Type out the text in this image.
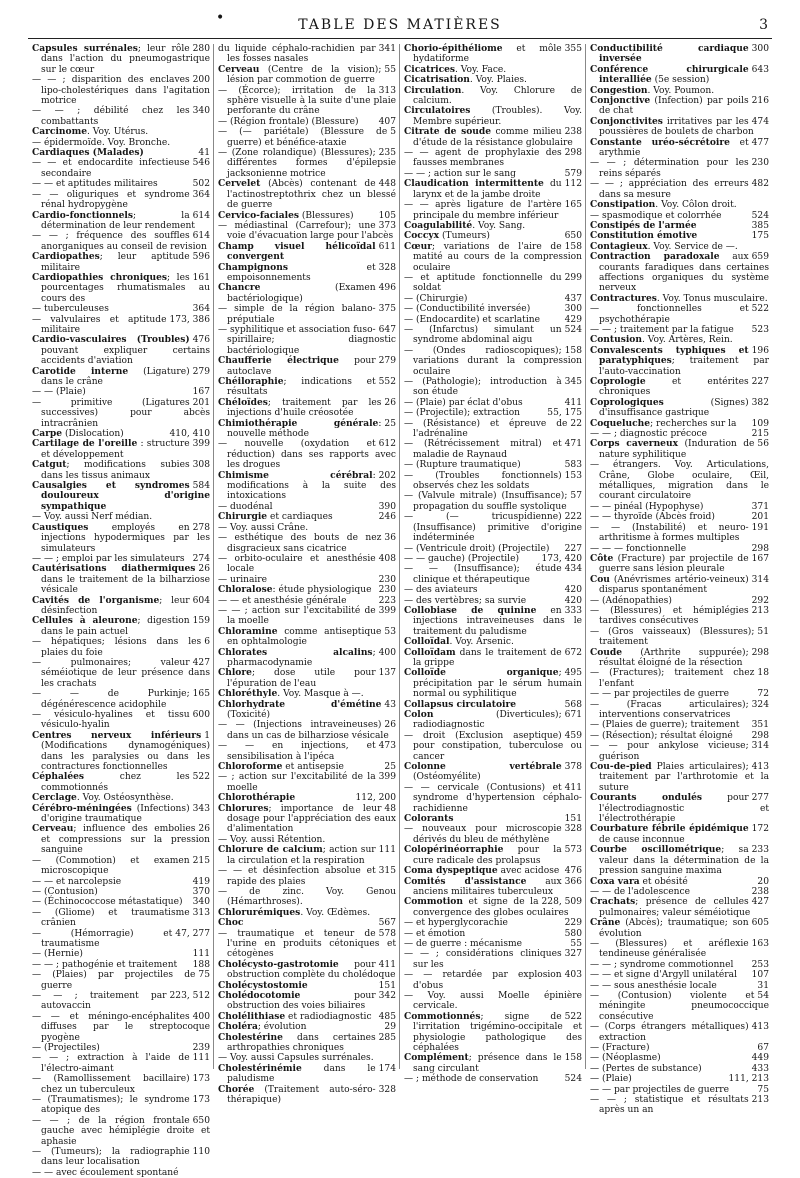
•	TABLE DES MATIÈRES	3
280
Capsules surrénales; leur rôle dans l'action du pneumogastrique sur le cœur
200
— — ; disparition des enclaves lipo-cholestériques dans l'agitation motrice
340
— — ; débilité chez les combattants
Carcinome. Voy. Utérus.
— épidermoïde. Voy. Bronche.
41
Cardiaques (Malades)
546
— — et endocardite infectieuse secondaire
502
— — et aptitudes militaires
364
— — oliguriques et syndrome rénal hydropygène
614
Cardio-fonctionnels; la détermination de leur rendement
614
— — ; fréquence des souffles anorganiques au conseil de revision
596
Cardiopathes; leur aptitude militaire
161
Cardiopathies chroniques; les pourcentages rhumatismales au cours des
364
— tuberculeuses
173, 386
— valvulaires et aptitude militaire
476
Cardio-vasculaires (Troubles) pouvant expliquer certains accidents d'aviation
279
Carotide interne (Ligature) dans le crâne
167
— — (Plaie)
201
— primitive (Ligatures successives) pour abcès intracrânien
410, 410
Carpe (Dislocation)
399
Cartilage de l'oreille : structure et développement
308
Catgut; modifications subies dans les tissus animaux
584
Causalgies et syndromes douloureux d'origine sympathique
— Voy. aussi Nerf médian.
278
Caustiques employés en injections hypodermiques par les simulateurs
274
— — ; emploi par les simulateurs
26
Cautérisations diathermiques dans le traitement de la bilharziose vésicale
604
Cavités de l'organisme; leur désinfection
159
Cellules à aleurone; digestion dans le pain actuel
6
— hépatiques; lésions dans les plaies du foie
427
— pulmonaires; valeur séméiotique de leur présence dans les crachats
165
— — de Purkinje; dégénérescence acidophile
600
— vésiculo-hyalines et tissu vésiculo-hyalin
1
Centres nerveux inférieurs (Modifications dynamogéniques) dans les paralysies ou dans les contractures fonctionnelles
522
Céphalées chez les commotionnés
Cerclage. Voy. Ostéosynthèse.
343
Cérébro-méningées (Infections) d'origine traumatique
26
Cerveau; influence des embolies et compressions sur la pression sanguine
215
— (Commotion) et examen microscopique
419
— — et narcolepsie
370
— (Contusion)
340
— (Échinococcose métastatique)
313
— (Gliome) et traumatisme crânien
47, 277
— (Hémorragie) et traumatisme
111
— (Hernie)
188
— — ; pathogénie et traitement
75
— (Plaies) par projectiles de guerre
223, 512
— — ; traitement par autovaccin
400
— — et méningo-encéphalites diffuses par le streptocoque pyogène
239
— (Projectiles)
111
— — ; extraction à l'aide de l'électro-aimant
173
— (Ramollissement bacillaire) chez un tuberculeux
173
— (Traumatismes); le syndrome atopique des
650
— — ; de la région frontale gauche avec hémiplégie droite et aphasie
110
— (Tumeurs); la radiographie dans leur localisation
— — avec écoulement spontané
341
du liquide céphalo-rachidien par les fosses nasales
55
Cerveau (Centre de la vision); lésion par commotion de guerre
313
— (Écorce); irritation de la sphère visuelle à la suite d'une plaie perforante du crâne
407
— (Région frontale) (Blessure)
5
— (— pariétale) (Blessure de guerre) et bénéfice-ataxie
235
— (Zone rolandique) (Blessures); différentes formes d'épilepsie jacksonienne motrice
448
Cervelet (Abcès) contenant de l'actinostreptothrix chez un blessé de guerre
105
Cervico-faciales (Blessures)
373
— médiastinal (Carrefour); une voie d'évacuation large pour l'abcès
611
Champ visuel hélicoïdal convergent
328
Champignons et empoisonnements
496
Chancre (Examen bactériologique)
375
— simple de la région balano-préputiale
647
— syphilitique et association fuso-spirillaire; diagnostic bactériologique
279
Chaufferie électrique pour autoclave
552
Chéiloraphie; indications et résultats
26
Chéloïdes; traitement par les injections d'huile créosotée
25
Chimiothérapie générale: nouvelle méthode
612
— nouvelle (oxydation et réduction) dans ses rapports avec les drogues
202
Chimisme cérébral: modifications à la suite des intoxications
390
— duodénal
246
Chirurgie et cardiaques
— Voy. aussi Crâne.
36
— esthétique des bouts de nez disgracieux sans cicatrice
408
— orbito-oculaire et anesthésie locale
230
— urinaire
230
Chloralose: étude physiologique
223
— — et anesthésie générale
399
— — ; action sur l'excitabilité de la moelle
53
Chloramine comme antiseptique en ophtalmologie
400
Chlorates alcalins; pharmacodynamie
137
Chlore; dose utile pour l'épuration de l'eau
Chloréthyle. Voy. Masque à —.
43
Chlorhydrate d'émétine (Toxicité)
26
— — (Injections intraveineuses) dans un cas de bilharziose vésicale
473
— — en injections, et sensibilisation à l'ipéca
25
Chloroforme et antisepsie
399
— ; action sur l'excitabilité de la moelle
112, 200
Chlorothérapie
48
Chlorures; importance de leur dosage pour l'appréciation des eaux d'alimentation
— Voy. aussi Rétention.
111
Chlorure de calcium; action sur la circulation et la respiration
315
— — et désinfection absolue et rapide des plaies
— de zinc. Voy. Genou (Hémarthroses).
Chlorurémiques. Voy. Œdèmes.
567
Choc
578
— traumatique et teneur de l'urine en produits cétoniques et cétogènes
411
Cholécysto-gastrotomie pour obstruction complète du cholédoque
151
Cholécystostomie
342
Cholédocotomie pour obstruction des voies biliaires
485
Cholélithiase et radiodiagnostic
29
Choléra; évolution
285
Cholestérine dans certaines arthropathies chroniques
— Voy. aussi Capsules surrénales.
174
Cholestérinémie dans le paludisme
328
Chorée (Traitement auto-séro-thérapique)
355
Chorio-épithéliome et môle hydatiforme
Cicatrices. Voy. Face.
Cicatrisation. Voy. Plaies.
Circulation. Voy. Chlorure de calcium.
Circulatoires (Troubles). Voy. Membre supérieur.
238
Citrate de soude comme milieu d'étude de la résistance globulaire
298
— — agent de prophylaxie des fausses membranes
579
— — ; action sur le sang
112
Claudication intermittente du larynx et de la jambe droite
165
— — après ligature de l'artère principale du membre inférieur
Coagulabilité. Voy. Sang.
650
Coccyx (Tumeurs)
158
Cœur; variations de l'aire de matité au cours de la compression oculaire
299
— et aptitude fonctionnelle du soldat
437
— (Chirurgie)
300
— (Conductibilité inversée)
429
— (Endocardite) et scarlatine
524
— (Infarctus) simulant un syndrome abdominal aigu
158
— (Ondes radioscopiques); variations durant la compression oculaire
345
— (Pathologie); introduction à son étude
411
— (Plaie) par éclat d'obus
55, 175
— (Projectile); extraction
22
— (Résistance) et épreuve de l'adrénaline
471
— (Rétrécissement mitral) et maladie de Raynaud
583
— (Rupture traumatique)
153
— (Troubles fonctionnels) observés chez les soldats
57
— (Valvule mitrale) (Insuffisance); propagation du souffle systolique
222
— (— tricuspidienne) (Insuffisance) primitive d'origine indéterminée
227
— (Ventricule droit) (Projectile)
173, 420
— — gauche) (Projectile)
434
— — (Insuffisance); étude clinique et thérapeutique
420
— des aviateurs
420
— des vertèbres; sa survie
333
Collobiase de quinine en injections intraveineuses dans le traitement du paludisme
Colloïdal. Voy. Arsenic.
672
Colloïdam dans le traitement de la grippe
495
Colloïde organique; précipitation par le sérum humain normal ou syphilitique
568
Collapsus circulatoire
671
Colon (Diverticules); radiodiagnostic
459
— droit (Exclusion aseptique) pour constipation, tuberculose ou cancer
378
Colonne vertébrale (Ostéomyélite)
411
— — cervicale (Contusions) et syndrome d'hypertension céphalo-rachidienne
151
Colorants
328
— nouveaux pour microscopie dérivés du bleu de méthylène
573
Colopérinéorraphie pour la cure radicale des prolapsus
476
Coma dyspeptique avec acidose
366
Comités d'assistance aux anciens militaires tuberculeux
228, 509
Commotion et signe de la convergence des globes oculaires
229
— et hyperglycorachie
580
— et émotion
55
— de guerre : mécanisme
327
— — ; considérations cliniques sur les
403
— — retardée par explosion d'obus
— Voy. aussi Moelle épinière cervicale.
522
Commotionnés; signe de l'irritation trigémino-occipitale et physiologie pathologique des céphalées
158
Complément; présence dans le sang circulant
524
— ; méthode de conservation
300
Conductibilité cardiaque inversée
643
Conférence chirurgicale interalliée (5e session)
Congestion. Voy. Poumon.
216
Conjonctive (Infection) par poils de chat
474
Conjonctivites irritatives par les poussières de boulets de charbon
477
Constante uréo-sécrétoire et arythmie
230
— — ; détermination pour les reins séparés
482
— — ; appréciation des erreurs dans sa mesure
Constipation. Voy. Côlon droit.
524
— spasmodique et colorrhée
385
Constipés de l'armée
175
Constitution émotive
Contagieux. Voy. Service de —.
659
Contraction paradoxale aux courants faradiques dans certaines affections organiques du système nerveux
Contractures. Voy. Tonus musculaire.
522
— fonctionnelles et psychothérapie
523
— — ; traitement par la fatigue
Contusion. Voy. Artères, Rein.
196
Convalescents typhiques et paratyphiques; traitement par l'auto-vaccination
227
Coprologie et entérites chroniques
382
Coprologiques (Signes) d'insuffisance gastrique
109
Coqueluche; recherches sur la
215
— — ; diagnostic précoce
56
Corps caverneux (Induration de nature syphilitique
— étrangers. Voy. Articulations, Crâne, Globe oculaire, Œil, métalliques, migration dans le courant circulatoire
371
— — pinéal (Hypophyse)
201
— — thyroïde (Abcès froid)
191
— — (Instabilité) et neuro-arthritisme à formes multiples
298
— — — fonctionnelle
167
Côte (Fracture) par projectile de guerre sans lésion pleurale
314
Cou (Anévrismes artério-veineux) disparus spontanément
292
— (Adénopathies)
213
— (Blessures) et hémiplégies tardives consécutives
51
— (Gros vaisseaux) (Blessures); traitement
298
Coude (Arthrite suppurée); résultat éloigné de la résection
18
— (Fractures); traitement chez l'enfant
72
— — par projectiles de guerre
324
— (Fracas articulaires); interventions conservatrices
351
— (Plaies de guerre); traitement
298
— (Résection); résultat éloigné
314
— — pour ankylose vicieuse; guérison
413
Cou-de-pied Plaies articulaires); traitement par l'arthrotomie et la suture
277
Courants ondulés pour l'électrodiagnostic et l'électrothérapie
172
Courbature fébrile épidémique de cause inconnue
233
Courbe oscillométrique; sa valeur dans la détermination de la pression sanguine maxima
20
Coxa vara et obésité
238
— — de l'adolescence
427
Crachats; présence de cellules pulmonaires; valeur séméiotique
605
Crâne (Abcès); traumatique; son évolution
163
— (Blessures) et aréflexie tendineuse généralisée
253
— — ; syndrome commotionnel
107
— — et signe d'Argyll unilatéral
31
— — sous anesthésie locale
54
— (Contusion) violente et méningite pneumococcique consécutive
413
— (Corps étrangers métalliques) extraction
67
— (Fracture)
449
— (Néoplasme)
433
— (Pertes de substance)
111, 213
— (Plaie)
75
— — par projectiles de guerre
213
— — ; statistique et résultats après un an
